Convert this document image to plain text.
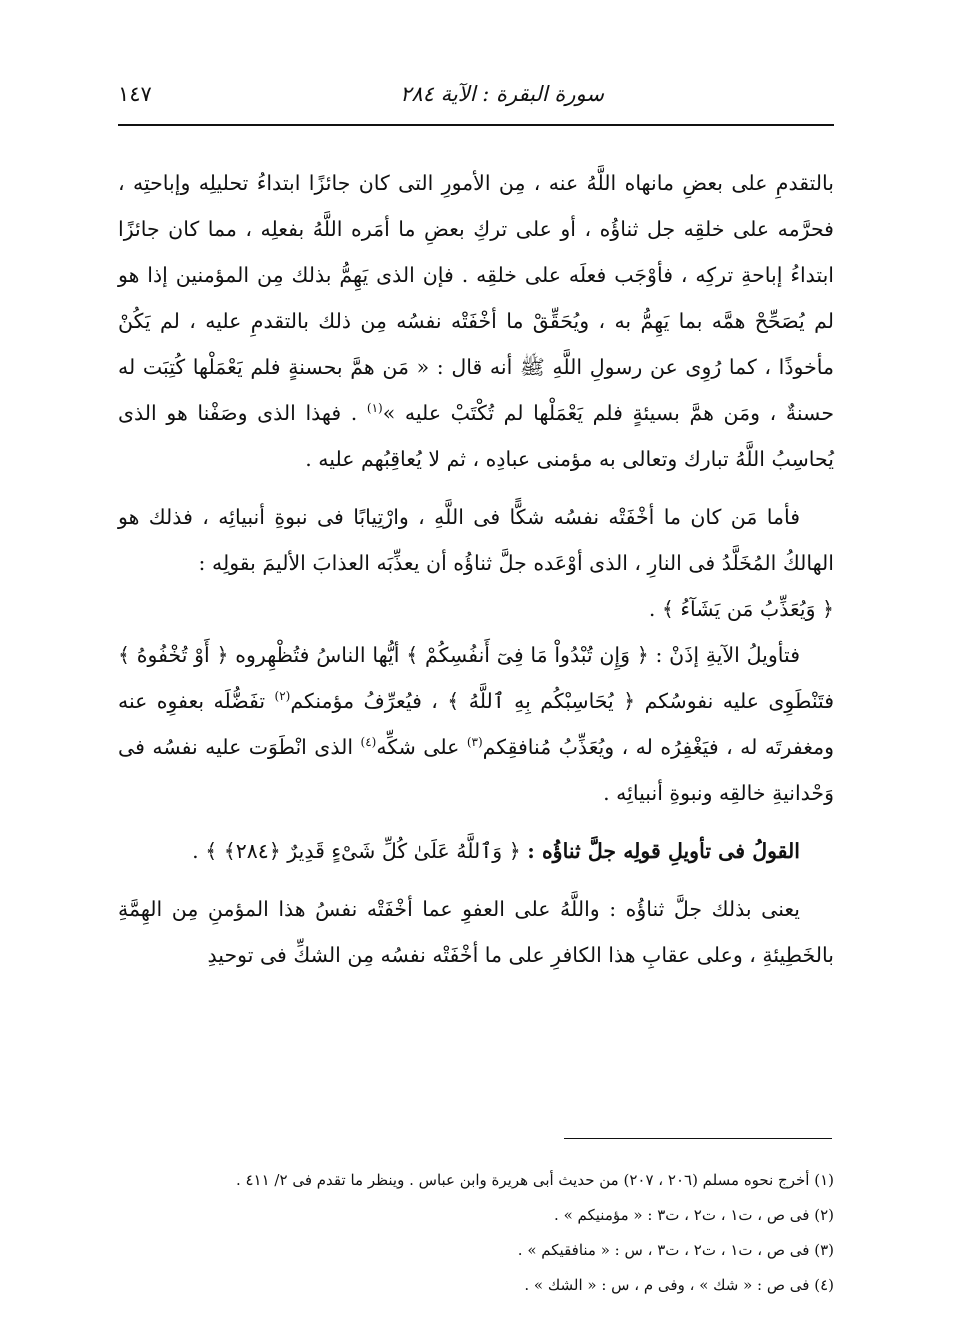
سورة البقرة : الآية ٢٨٤
١٤٧

بالتقدمِ على بعضِ مانهاه اللَّهُ عنه ، مِن الأمورِ التى كان جائزًا ابتداءُ تحليلِه وإباحتِه ، فحرَّمه على خلقِه جل ثناؤُه ، أو على تركِ بعضِ ما أمَره اللَّهُ بفعلِه ، مما كان جائزًا ابتداءُ إباحةِ تركِه ، فأوْجَب فعلَه على خلقِه . فإن الذى يَهِمُّ بذلك مِن المؤمنين إذا هو لم يُصَحِّحْ همَّه بما يَهِمُّ به ، ويُحَقِّقْ ما أخْفَتْه نفسُه مِن ذلك بالتقدمِ عليه ، لم يَكُنْ مأخوذًا ، كما رُوِى عن رسولِ اللَّهِ ﷺ أنه قال : « مَن همَّ بحسنةٍ فلم يَعْمَلْها كُتِبَت له حسنةٌ ، ومَن همَّ بسيئةٍ فلم يَعْمَلْها لم تُكْتَبْ عليه »$^{(١)}$ . فهذا الذى وصَفْنا هو الذى يُحاسِبُ اللَّهُ تبارك وتعالى به مؤمنى عبادِه ، ثم لا يُعاقِبُهم عليه .

فأما مَن كان ما أخْفَتْه نفسُه شكًّا فى اللَّهِ ، وارْتِيابًا فى نبوةِ أنبيائِه ، فذلك هو الهالكُ المُخَلَّدُ فى النارِ ، الذى أوْعَده جلَّ ثناؤُه أن يعذِّبَه العذابَ الأليمَ بقولِه :

﴿ وَيُعَذِّبُ مَن يَشَآءُ ﴾ .

فتأويلُ الآيةِ إذَنْ : ﴿ وَإِن تُبْدُواْ مَا فِىٓ أَنفُسِكُمْ ﴾ أيُّها الناسُ فتُظْهِروه ﴿ أَوْ تُخْفُوهُ ﴾ فتَنْطَوِى عليه نفوسُكم ﴿ يُحَاسِبْكُم بِهِ ٱللَّهُ ﴾ ، فيُعرِّفُ مؤمنكم$^{(٢)}$ تفَضُّلَه بعفوِه عنه ومغفرتَه له ، فيَغْفِرُه له ، ويُعَذِّبُ مُنافقِكم$^{(٣)}$ على شكِّه$^{(٤)}$ الذى انْطَوَت عليه نفسُه فى وَحْدانيةِ خالقِه ونبوةِ أنبيائِه .

القولُ فى تأويلِ قولِه جلَّ ثناؤُه : ﴿ وَٱللَّهُ عَلَىٰ كُلِّ شَىْءٍ قَدِيرٌ ﴿٢٨٤﴾ ﴾ .

يعنى بذلك جلَّ ثناؤُه : واللَّهُ على العفوِ عما أخْفَتْه نفسُ هذا المؤمنِ مِن الهِمَّةِ بالخَطِيئةِ ، وعلى عقابِ هذا الكافرِ على ما أخْفَتْه نفسُه مِن الشكِّ فى توحيدِ

(١) أخرج نحوه مسلم (٢٠٦ ، ٢٠٧) من حديث أبى هريرة وابن عباس . وينظر ما تقدم فى ٢/ ٤١١ .

(٢) فى ص ، ت١ ، ت٢ ، ت٣ : « مؤمنيكم » .

(٣) فى ص ، ت١ ، ت٢ ، ت٣ ، س : « منافقيكم » .

(٤) فى ص : « شك » ، وفى م ، س : « الشك » .
